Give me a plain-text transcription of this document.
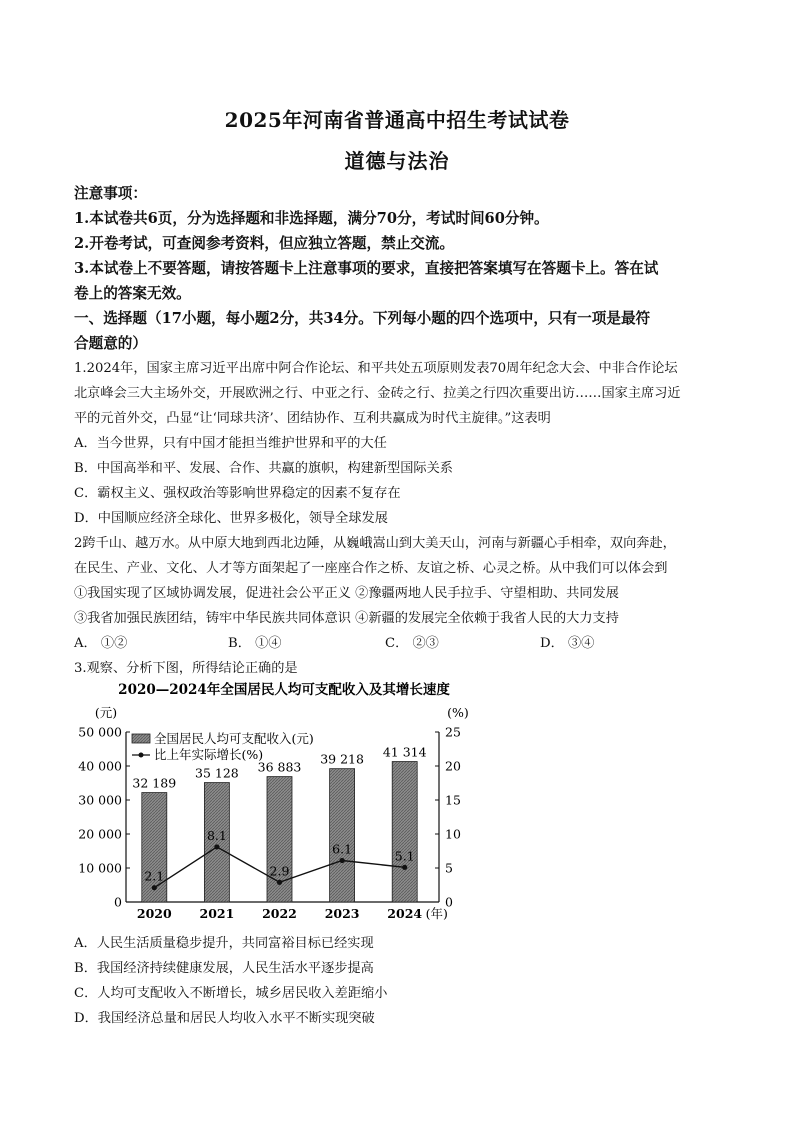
2025年河南省普通高中招生考试试卷
道德与法治
注意事项：
1.本试卷共6页，分为选择题和非选择题，满分70分，考试时间60分钟。
2.开卷考试，可查阅参考资料，但应独立答题，禁止交流。
3.本试卷上不要答题，请按答题卡上注意事项的要求，直接把答案填写在答题卡上。答在试
卷上的答案无效。
一、选择题（17小题，每小题2分，共34分。下列每小题的四个选项中，只有一项是最符
合题意的）
1.2024年，国家主席习近平出席中阿合作论坛、和平共处五项原则发表70周年纪念大会、中非合作论坛
北京峰会三大主场外交，开展欧洲之行、中亚之行、金砖之行、拉美之行四次重要出访……国家主席习近
平的元首外交，凸显“让‘同球共济’、团结协作、互利共赢成为时代主旋律。”这表明
A．当今世界，只有中国才能担当维护世界和平的大任
B．中国高举和平、发展、合作、共赢的旗帜，构建新型国际关系
C．霸权主义、强权政治等影响世界稳定的因素不复存在
D．中国顺应经济全球化、世界多极化，领导全球发展
2跨千山、越万水。从中原大地到西北边陲，从巍峨嵩山到大美天山，河南与新疆心手相牵，双向奔赴，
在民生、产业、文化、人才等方面架起了一座座合作之桥、友谊之桥、心灵之桥。从中我们可以体会到
①我国实现了区域协调发展，促进社会公平正义 ②豫疆两地人民手拉手、守望相助、共同发展
③我省加强民族团结，铸牢中华民族共同体意识 ④新疆的发展完全依赖于我省人民的大力支持
A． ①②	B． ①④	C． ②③	D． ③④
3.观察、分析下图，所得结论正确的是
2020—2024年全国居民人均可支配收入及其增长速度
(元)	(%)
0
10 000
20 000
30 000
40 000
50 000
0
5
10
15
20
25
32 189
35 128 36 883
39 218 41 314
2020 2021 2022 2023 2024 (年)
2.1
8.1
2.9
6.1	5.1
全国居民人均可支配收入(元)
比上年实际增长(%)
A．人民生活质量稳步提升，共同富裕目标已经实现
B．我国经济持续健康发展，人民生活水平逐步提高
C．人均可支配收入不断增长，城乡居民收入差距缩小
D．我国经济总量和居民人均收入水平不断实现突破
